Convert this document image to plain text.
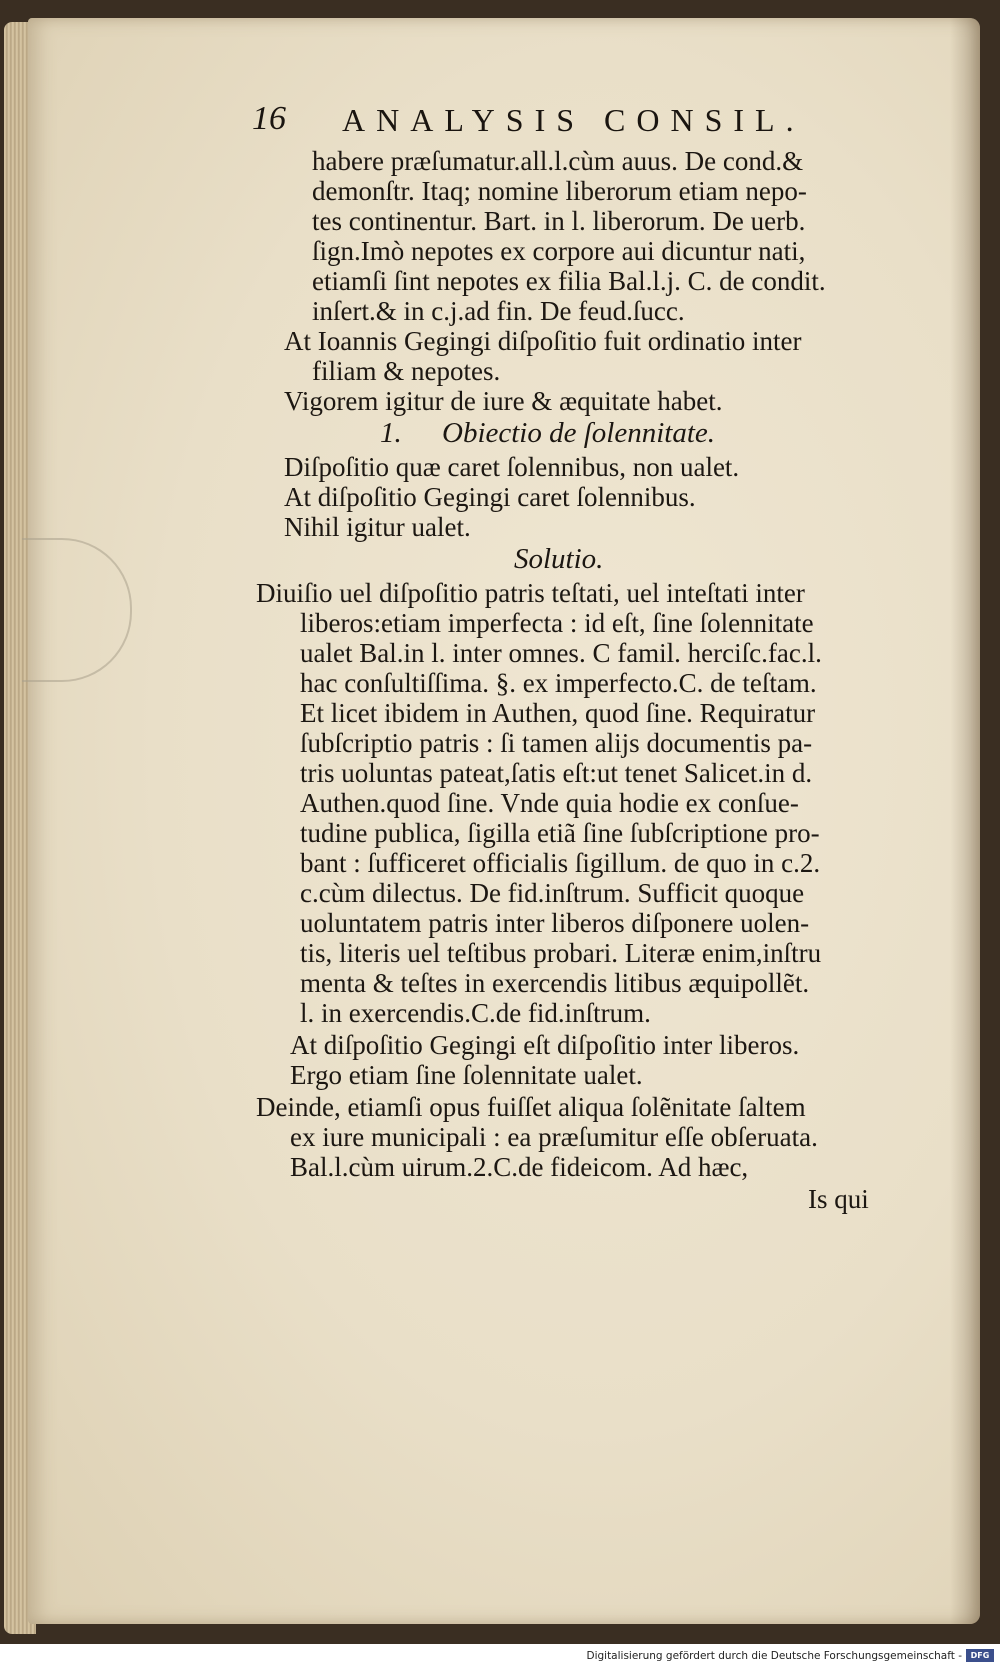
16 ANALYSIS CONSIL.
habere præſumatur.all.l.cùm auus. De cond.&
demonſtr. Itaq; nomine liberorum etiam nepo-
tes continentur. Bart. in l. liberorum. De uerb.
ſign.Imò nepotes ex corpore aui dicuntur nati,
etiamſi ſint nepotes ex filia Bal.l.j. C. de condit.
inſert.& in c.j.ad fin. De feud.ſucc.
At Ioannis Gegingi diſpoſitio fuit ordinatio inter
filiam & nepotes.
Vigorem igitur de iure & æquitate habet.
1. Obiectio de ſolennitate.
Diſpoſitio quæ caret ſolennibus, non ualet.
At diſpoſitio Gegingi caret ſolennibus.
Nihil igitur ualet.
Solutio.
Diuiſio uel diſpoſitio patris teſtati, uel inteſtati inter
liberos:etiam imperfecta : id eſt, ſine ſolennitate
ualet Bal.in l. inter omnes. C famil. herciſc.fac.l.
hac conſultiſſima. §. ex imperfecto.C. de teſtam.
Et licet ibidem in Authen, quod ſine. Requiratur
ſubſcriptio patris : ſi tamen alijs documentis pa-
tris uoluntas pateat,ſatis eſt:ut tenet Salicet.in d.
Authen.quod ſine. Vnde quia hodie ex conſue-
tudine publica, ſigilla etiã ſine ſubſcriptione pro-
bant : ſufficeret officialis ſigillum. de quo in c.2.
c.cùm dilectus. De fid.inſtrum. Sufficit quoque
uoluntatem patris inter liberos diſponere uolen-
tis, literis uel teſtibus probari. Literæ enim,inſtru
menta & teſtes in exercendis litibus æquipollẽt.
l. in exercendis.C.de fid.inſtrum.
At diſpoſitio Gegingi eſt diſpoſitio inter liberos.
Ergo etiam ſine ſolennitate ualet.
Deinde, etiamſi opus fuiſſet aliqua ſolẽnitate ſaltem
ex iure municipali : ea præſumitur eſſe obſeruata.
Bal.l.cùm uirum.2.C.de fideicom. Ad hæc,
Is qui
Digitalisierung gefördert durch die Deutsche Forschungsgemeinschaft -	DFG
